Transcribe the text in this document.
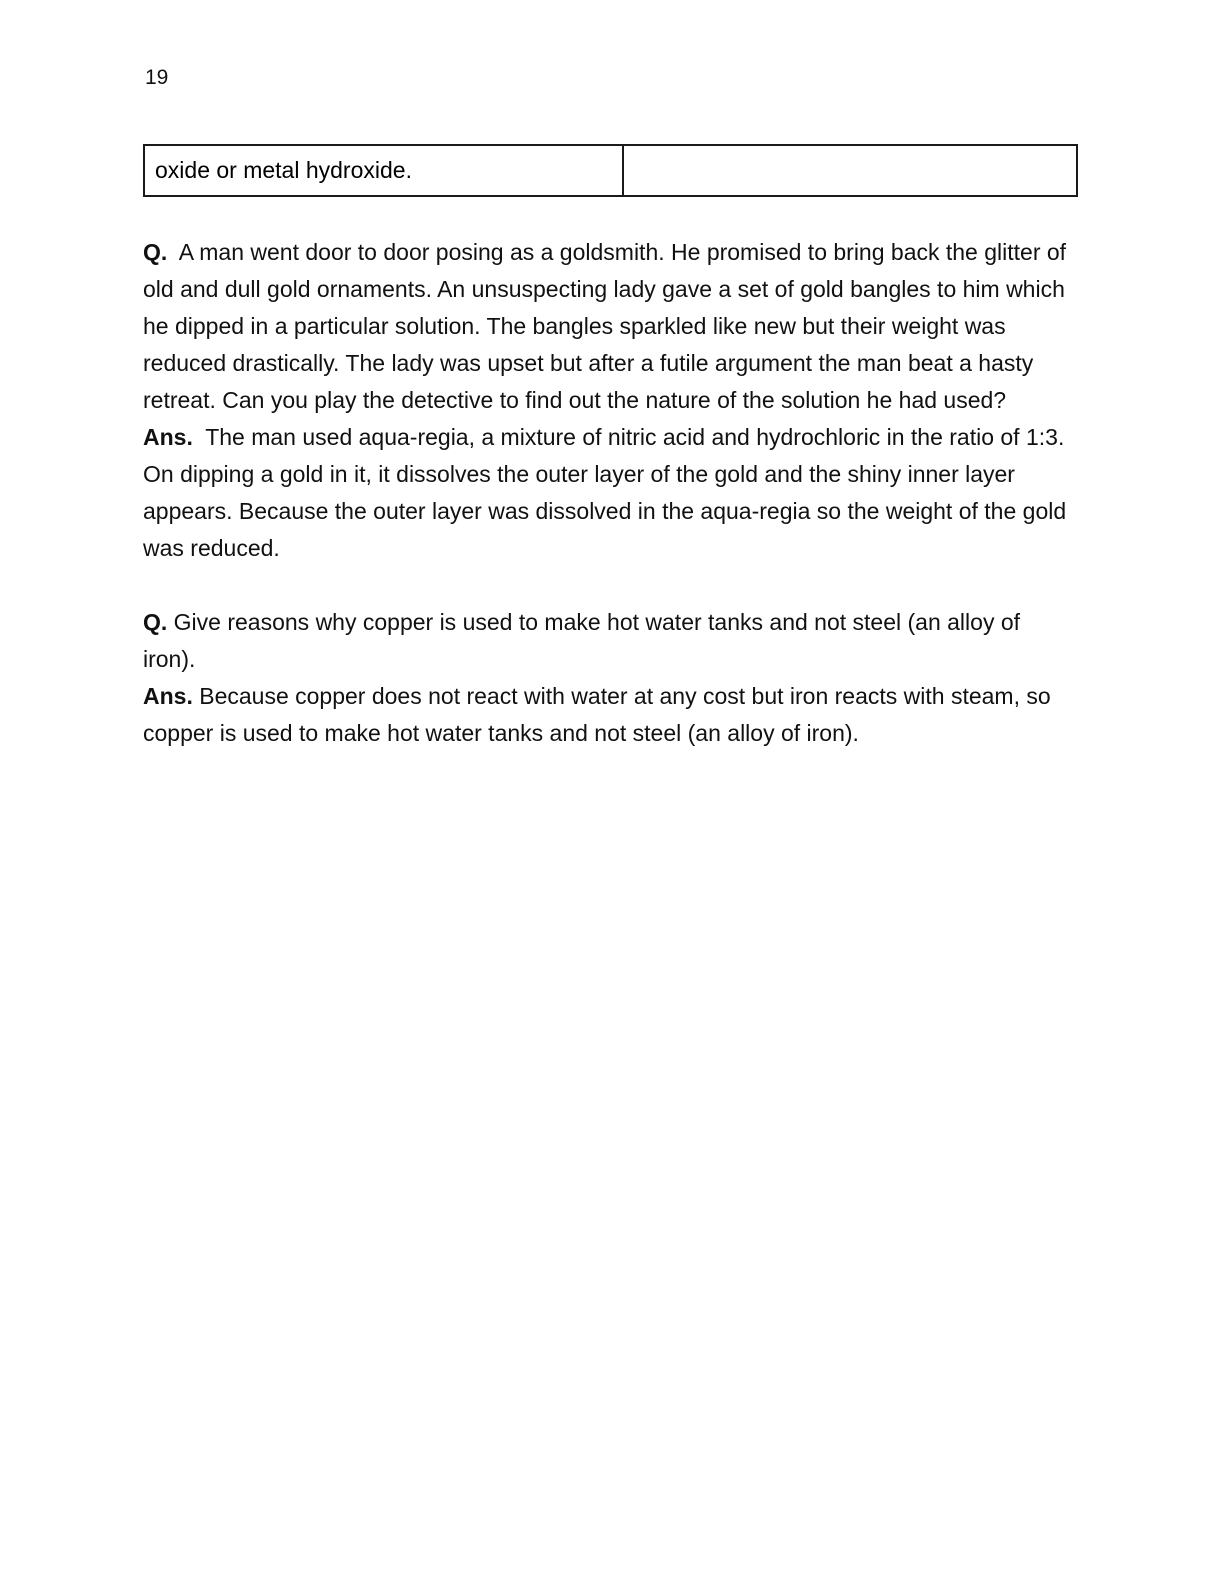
19
oxide or metal hydroxide.	

Q.  A man went door to door posing as a goldsmith. He promised to bring back the glitter of old and dull gold ornaments. An unsuspecting lady gave a set of gold bangles to him which he dipped in a particular solution. The bangles sparkled like new but their weight was reduced drastically. The lady was upset but after a futile argument the man beat a hasty retreat. Can you play the detective to find out the nature of the solution he had used?

Ans.  The man used aqua-regia, a mixture of nitric acid and hydrochloric in the ratio of 1:3. On dipping a gold in it, it dissolves the outer layer of the gold and the shiny inner layer appears. Because the outer layer was dissolved in the aqua-regia so the weight of the gold was reduced.

Q. Give reasons why copper is used to make hot water tanks and not steel (an alloy of iron).

Ans. Because copper does not react with water at any cost but iron reacts with steam, so copper is used to make hot water tanks and not steel (an alloy of iron).
